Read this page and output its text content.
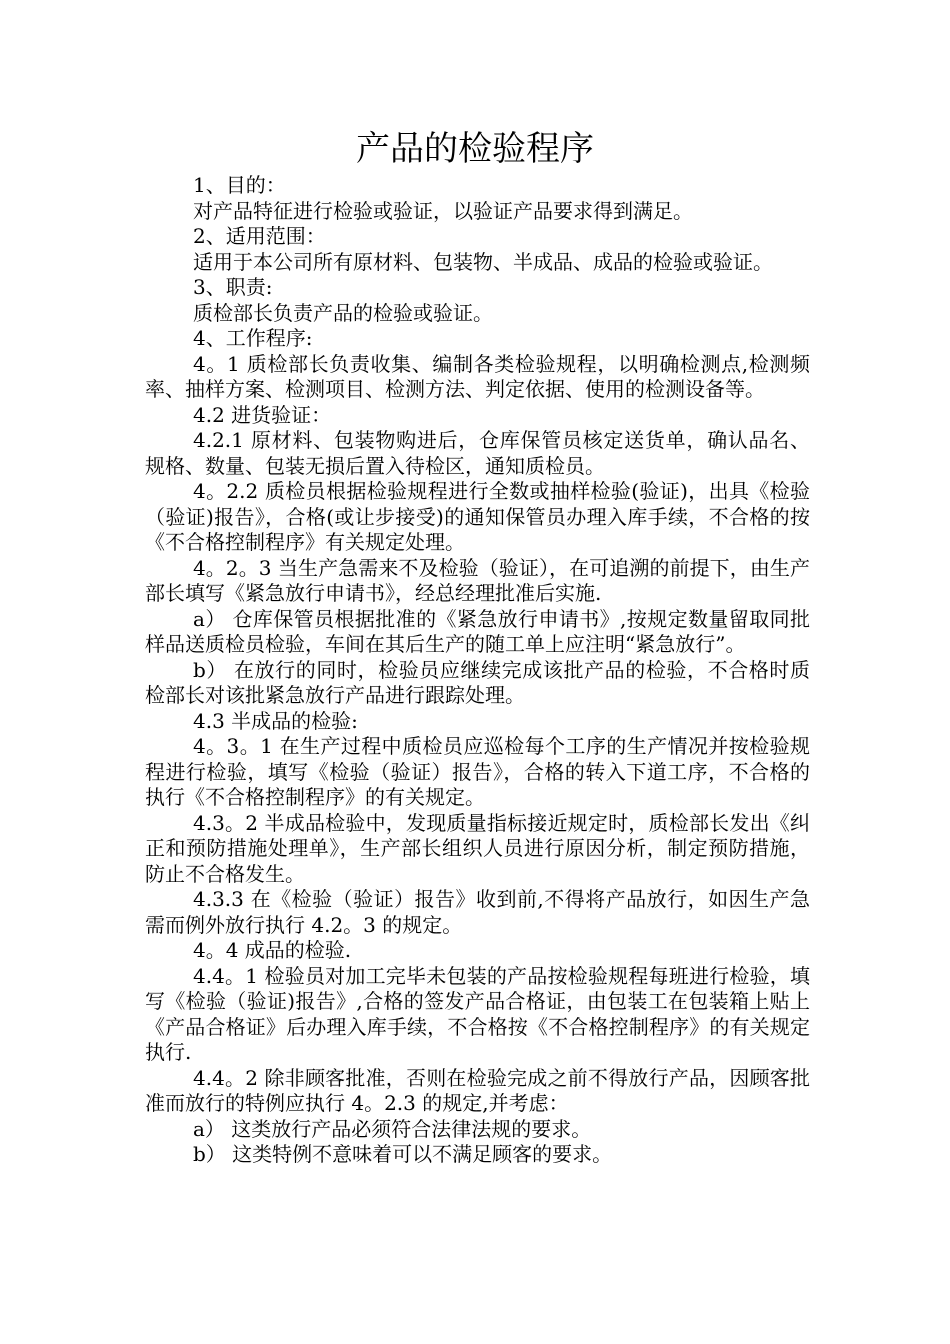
产品的检验程序

1、目的：

对产品特征进行检验或验证，以验证产品要求得到满足。

2、适用范围：

适用于本公司所有原材料、包装物、半成品、成品的检验或验证。

3、职责:

质检部长负责产品的检验或验证。

4、工作程序:

4。1 质检部长负责收集、编制各类检验规程，以明确检测点,检测频率、抽样方案、检测项目、检测方法、判定依据、使用的检测设备等。

4.2 进货验证：

4.2.1 原材料、包装物购进后，仓库保管员核定送货单，确认品名、规格、数量、包装无损后置入待检区，通知质检员。

4。2.2 质检员根据检验规程进行全数或抽样检验(验证)，出具《检验（验证)报告》，合格(或让步接受)的通知保管员办理入库手续，不合格的按《不合格控制程序》有关规定处理。

4。2。3 当生产急需来不及检验（验证），在可追溯的前提下，由生产部长填写《紧急放行申请书》，经总经理批准后实施.

a） 仓库保管员根据批准的《紧急放行申请书》,按规定数量留取同批样品送质检员检验，车间在其后生产的随工单上应注明“紧急放行”。

b） 在放行的同时，检验员应继续完成该批产品的检验，不合格时质检部长对该批紧急放行产品进行跟踪处理。

4.3 半成品的检验:

4。3。1 在生产过程中质检员应巡检每个工序的生产情况并按检验规程进行检验，填写《检验（验证）报告》，合格的转入下道工序，不合格的执行《不合格控制程序》的有关规定。

4.3。2 半成品检验中，发现质量指标接近规定时，质检部长发出《纠正和预防措施处理单》，生产部长组织人员进行原因分析，制定预防措施，防止不合格发生。

4.3.3 在《检验（验证）报告》收到前,不得将产品放行，如因生产急需而例外放行执行 4.2。3 的规定。

4。4 成品的检验.

4.4。1 检验员对加工完毕未包装的产品按检验规程每班进行检验，填写《检验（验证)报告》,合格的签发产品合格证，由包装工在包装箱上贴上《产品合格证》后办理入库手续，不合格按《不合格控制程序》的有关规定执行.

4.4。2 除非顾客批准，否则在检验完成之前不得放行产品，因顾客批准而放行的特例应执行 4。2.3 的规定,并考虑：

a） 这类放行产品必须符合法律法规的要求。

b） 这类特例不意味着可以不满足顾客的要求。
